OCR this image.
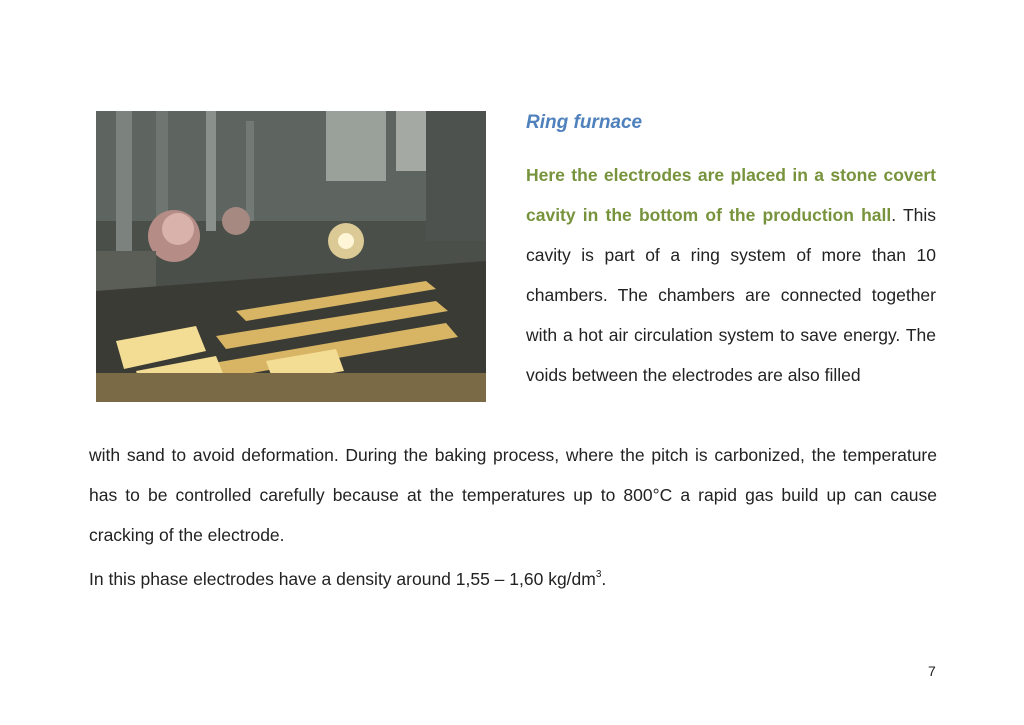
Ring furnace

Here the electrodes are placed in a stone covert cavity in the bottom of the production hall. This cavity is part of a ring system of more than 10 chambers. The chambers are connected together with a hot air circulation system to save energy. The voids between the electrodes are also filled

with sand to avoid deformation. During the baking process, where the pitch is carbonized, the temperature has to be controlled carefully because at the temperatures up to 800°C a rapid gas build up can cause cracking of the electrode.

In this phase electrodes have a density around 1,55 – 1,60 $kg/dm^3$.

7
